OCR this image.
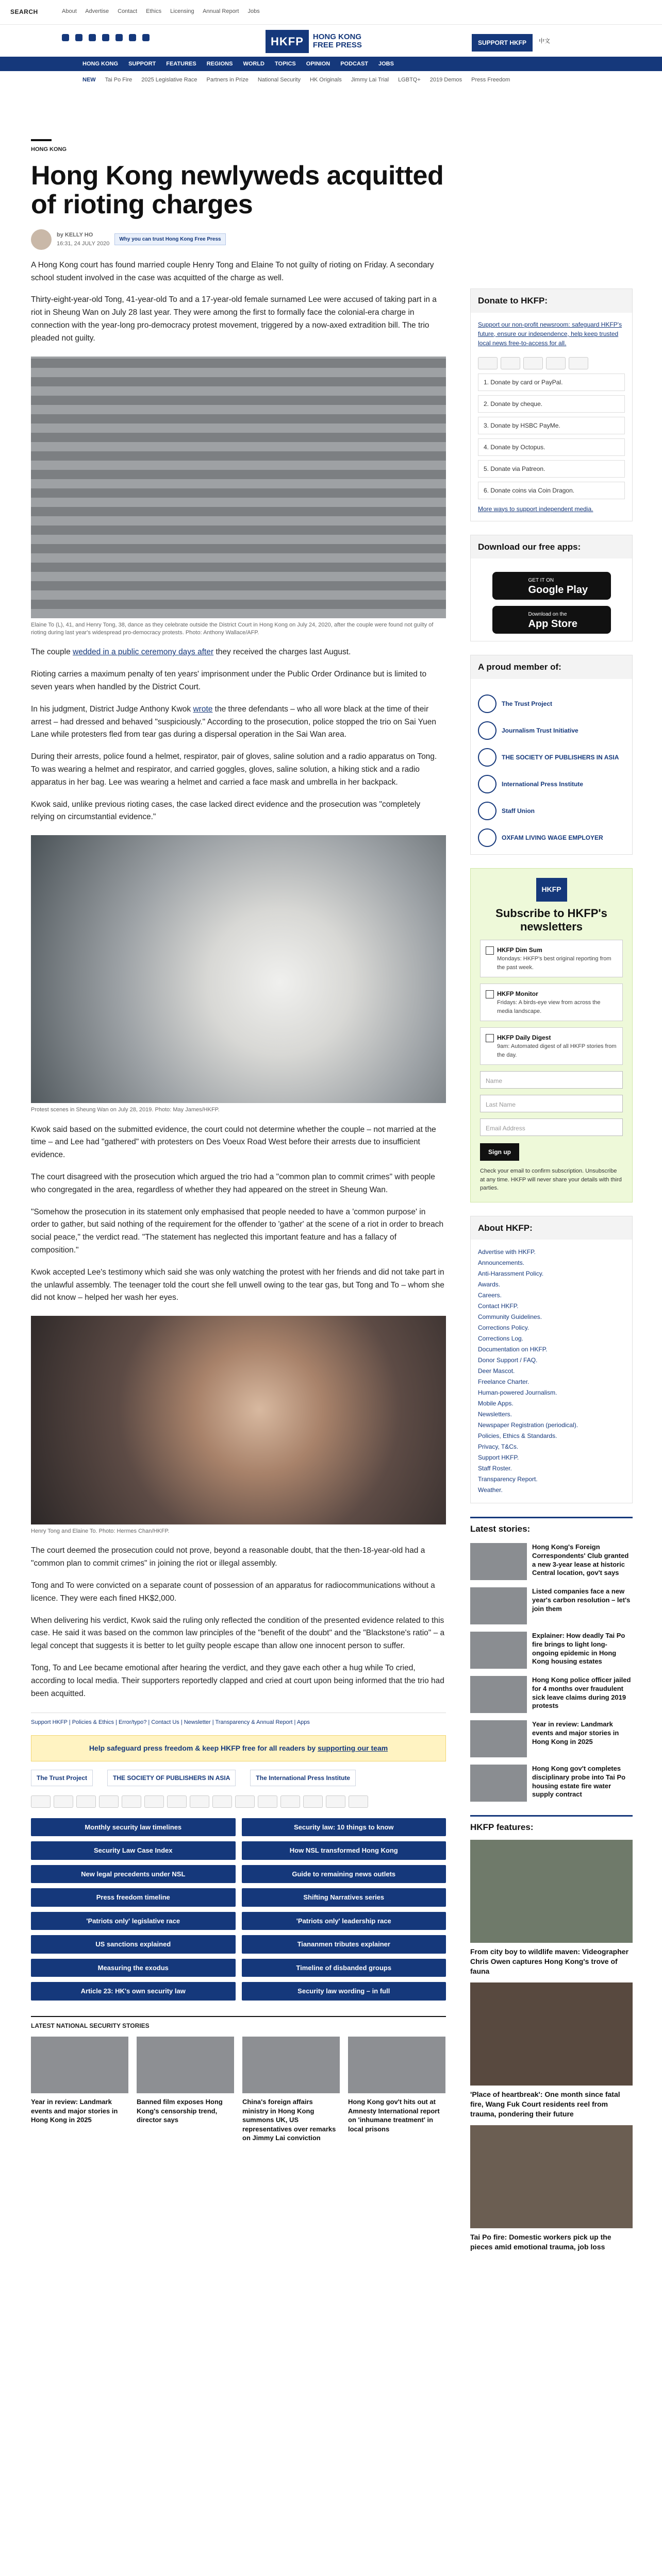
SEARCH	About Advertise Contact Ethics Licensing Annual Report Jobs
HKFP	HONG KONG
FREE PRESS	SUPPORT HKFP	中文
HONG KONG SUPPORT FEATURES REGIONS WORLD TOPICS OPINION PODCAST JOBS
NEW Tai Po Fire 2025 Legislative Race Partners in Prize National Security HK Originals Jimmy Lai Trial LGBTQ+ 2019 Demos Press Freedom
HONG KONG
Hong Kong newlyweds acquitted of rioting charges
by KELLY HO
16:31, 24 JULY 2020
Why you can trust Hong Kong Free Press

A Hong Kong court has found married couple Henry Tong and Elaine To not guilty of rioting on Friday. A secondary school student involved in the case was acquitted of the charge as well.

Thirty-eight-year-old Tong, 41-year-old To and a 17-year-old female surnamed Lee were accused of taking part in a riot in Sheung Wan on July 28 last year. They were among the first to formally face the colonial-era charge in connection with the year-long pro-democracy protest movement, triggered by a now-axed extradition bill. The trio pleaded not guilty.

Elaine To (L), 41, and Henry Tong, 38, dance as they celebrate outside the District Court in Hong Kong on July 24, 2020, after the couple were found not guilty of rioting during last year's widespread pro-democracy protests. Photo: Anthony Wallace/AFP.

The couple wedded in a public ceremony days after they received the charges last August.

Rioting carries a maximum penalty of ten years' imprisonment under the Public Order Ordinance but is limited to seven years when handled by the District Court.

In his judgment, District Judge Anthony Kwok wrote the three defendants – who all wore black at the time of their arrest – had dressed and behaved "suspiciously." According to the prosecution, police stopped the trio on Sai Yuen Lane while protesters fled from tear gas during a dispersal operation in the Sai Wan area.

During their arrests, police found a helmet, respirator, pair of gloves, saline solution and a radio apparatus on Tong. To was wearing a helmet and respirator, and carried goggles, gloves, saline solution, a hiking stick and a radio apparatus in her bag. Lee was wearing a helmet and carried a face mask and umbrella in her backpack.

Kwok said, unlike previous rioting cases, the case lacked direct evidence and the prosecution was "completely relying on circumstantial evidence."

Protest scenes in Sheung Wan on July 28, 2019. Photo: May James/HKFP.

Kwok said based on the submitted evidence, the court could not determine whether the couple – not married at the time – and Lee had "gathered" with protesters on Des Voeux Road West before their arrests due to insufficient evidence.

The court disagreed with the prosecution which argued the trio had a "common plan to commit crimes" with people who congregated in the area, regardless of whether they had appeared on the street in Sheung Wan.

"Somehow the prosecution in its statement only emphasised that people needed to have a 'common purpose' in order to gather, but said nothing of the requirement for the offender to 'gather' at the scene of a riot in order to breach social peace," the verdict read. "The statement has neglected this important feature and has a fallacy of composition."

Kwok accepted Lee's testimony which said she was only watching the protest with her friends and did not take part in the unlawful assembly. The teenager told the court she fell unwell owing to the tear gas, but Tong and To – whom she did not know – helped her wash her eyes.

Henry Tong and Elaine To. Photo: Hermes Chan/HKFP.

The court deemed the prosecution could not prove, beyond a reasonable doubt, that the then-18-year-old had a "common plan to commit crimes" in joining the riot or illegal assembly.

Tong and To were convicted on a separate count of possession of an apparatus for radiocommunications without a licence. They were each fined HK$2,000.

When delivering his verdict, Kwok said the ruling only reflected the condition of the presented evidence related to this case. He said it was based on the common law principles of the "benefit of the doubt" and the "Blackstone's ratio" – a legal concept that suggests it is better to let guilty people escape than allow one innocent person to suffer.

Tong, To and Lee became emotional after hearing the verdict, and they gave each other a hug while To cried, according to local media. Their supporters reportedly clapped and cried at court upon being informed that the trio had been acquitted.

Support HKFP | Policies & Ethics | Error/typo? | Contact Us | Newsletter | Transparency & Annual Report | Apps
Help safeguard press freedom & keep HKFP free for all readers by supporting our team
The Trust Project	THE SOCIETY OF PUBLISHERS IN ASIA	The International Press Institute
Monthly security law timelines	Security law: 10 things to know
Security Law Case Index	How NSL transformed Hong Kong
New legal precedents under NSL	Guide to remaining news outlets
Press freedom timeline	Shifting Narratives series
'Patriots only' legislative race	'Patriots only' leadership race
US sanctions explained	Tiananmen tributes explainer
Measuring the exodus	Timeline of disbanded groups
Article 23: HK's own security law	Security law wording – in full
LATEST NATIONAL SECURITY STORIES
Year in review: Landmark events and major stories in Hong Kong in 2025
Banned film exposes Hong Kong's censorship trend, director says
China's foreign affairs ministry in Hong Kong summons UK, US representatives over remarks on Jimmy Lai conviction
Hong Kong gov't hits out at Amnesty International report on 'inhumane treatment' in local prisons
Donate to HKFP:

Support our non-profit newsroom: safeguard HKFP's future, ensure our independence, help keep trusted local news free-to-access for all.

1. Donate by card or PayPal.
2. Donate by cheque.
3. Donate by HSBC PayMe.
4. Donate by Octopus.
5. Donate via Patreon.
6. Donate coins via Coin Dragon.

More ways to support independent media.

Download our free apps:
GET IT ON
Google Play
Download on the
App Store
A proud member of:
The Trust Project
Journalism Trust Initiative
THE SOCIETY OF PUBLISHERS IN ASIA
International Press Institute
Staff Union
OXFAM LIVING WAGE EMPLOYER
HKFP
Subscribe to HKFP's newsletters
HKFP Dim Sum
Mondays: HKFP's best original reporting from the past week.
HKFP Monitor
Fridays: A birds-eye view from across the media landscape.
HKFP Daily Digest
9am: Automated digest of all HKFP stories from the day.
Name
Last Name
Email Address
Sign up

Check your email to confirm subscription. Unsubscribe at any time. HKFP will never share your details with third parties.

About HKFP:
Advertise with HKFP.
Announcements.
Anti-Harassment Policy.
Awards.
Careers.
Contact HKFP.
Community Guidelines.
Corrections Policy.
Corrections Log.
Documentation on HKFP.
Donor Support / FAQ.
Deer Mascot.
Freelance Charter.
Human-powered Journalism.
Mobile Apps.
Newsletters.
Newspaper Registration (periodical).
Policies, Ethics & Standards.
Privacy, T&Cs.
Support HKFP.
Staff Roster.
Transparency Report.
Weather.
Latest stories:
Hong Kong's Foreign Correspondents' Club granted a new 3-year lease at historic Central location, gov't says
Listed companies face a new year's carbon resolution – let's join them
Explainer: How deadly Tai Po fire brings to light long-ongoing epidemic in Hong Kong housing estates
Hong Kong police officer jailed for 4 months over fraudulent sick leave claims during 2019 protests
Year in review: Landmark events and major stories in Hong Kong in 2025
Hong Kong gov't completes disciplinary probe into Tai Po housing estate fire water supply contract
HKFP features:
From city boy to wildlife maven: Videographer Chris Owen captures Hong Kong's trove of fauna
'Place of heartbreak': One month since fatal fire, Wang Fuk Court residents reel from trauma, pondering their future
Tai Po fire: Domestic workers pick up the pieces amid emotional trauma, job loss
